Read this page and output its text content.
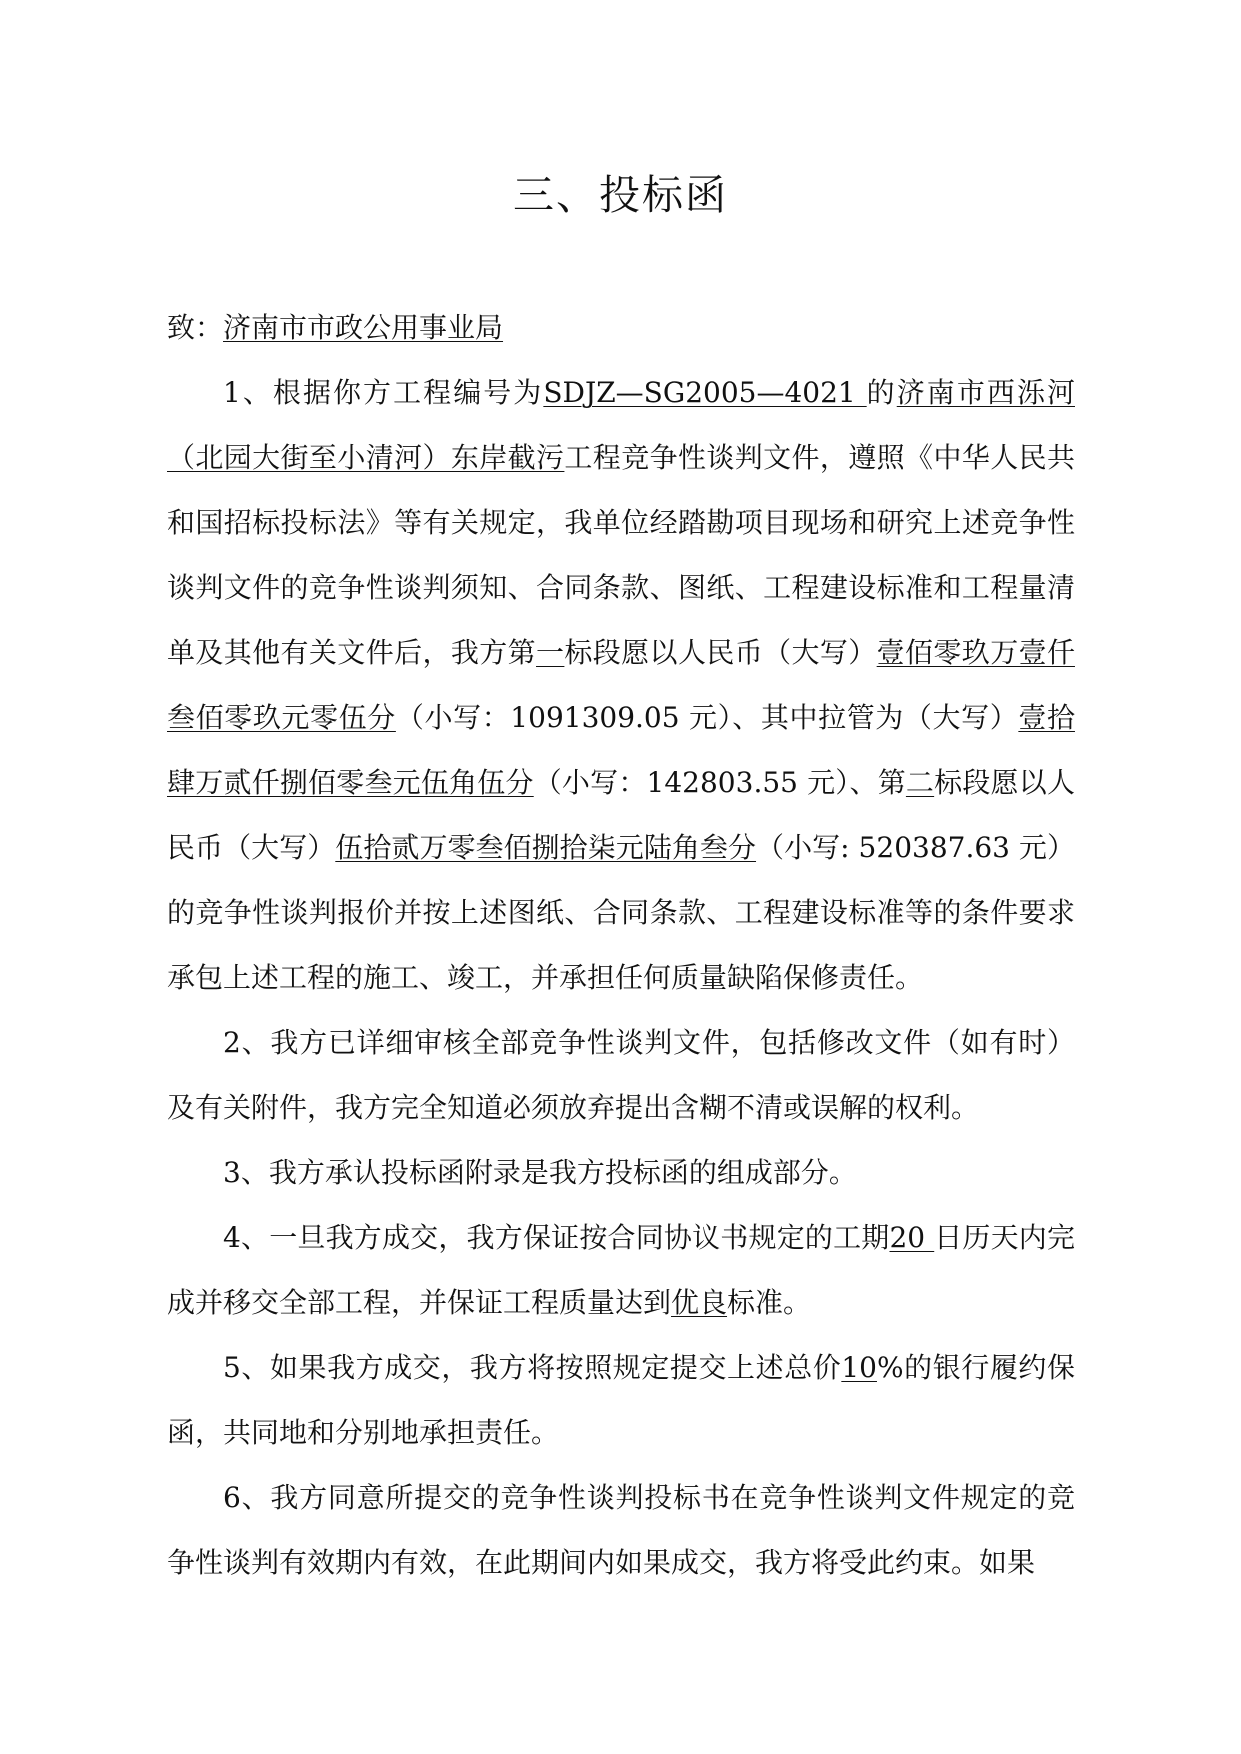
三、投标函

致：济南市市政公用事业局

1、根据你方工程编号为SDJZ—SG2005—4021 的济南市西泺河（北园大街至小清河）东岸截污工程竞争性谈判文件，遵照《中华人民共和国招标投标法》等有关规定，我单位经踏勘项目现场和研究上述竞争性谈判文件的竞争性谈判须知、合同条款、图纸、工程建设标准和工程量清单及其他有关文件后，我方第一标段愿以人民币（大写）壹佰零玖万壹仟叁佰零玖元零伍分（小写：1091309.05 元）、其中拉管为（大写）壹拾肆万贰仟捌佰零叁元伍角伍分（小写：142803.55 元）、第二标段愿以人民币（大写）伍拾贰万零叁佰捌拾柒元陆角叁分（小写: 520387.63 元）的竞争性谈判报价并按上述图纸、合同条款、工程建设标准等的条件要求承包上述工程的施工、竣工，并承担任何质量缺陷保修责任。

2、我方已详细审核全部竞争性谈判文件，包括修改文件（如有时）及有关附件，我方完全知道必须放弃提出含糊不清或误解的权利。

3、我方承认投标函附录是我方投标函的组成部分。

4、一旦我方成交，我方保证按合同协议书规定的工期20 日历天内完成并移交全部工程，并保证工程质量达到优良标准。

5、如果我方成交，我方将按照规定提交上述总价10%的银行履约保函，共同地和分别地承担责任。

6、我方同意所提交的竞争性谈判投标书在竞争性谈判文件规定的竞争性谈判有效期内有效，在此期间内如果成交，我方将受此约束。如果
